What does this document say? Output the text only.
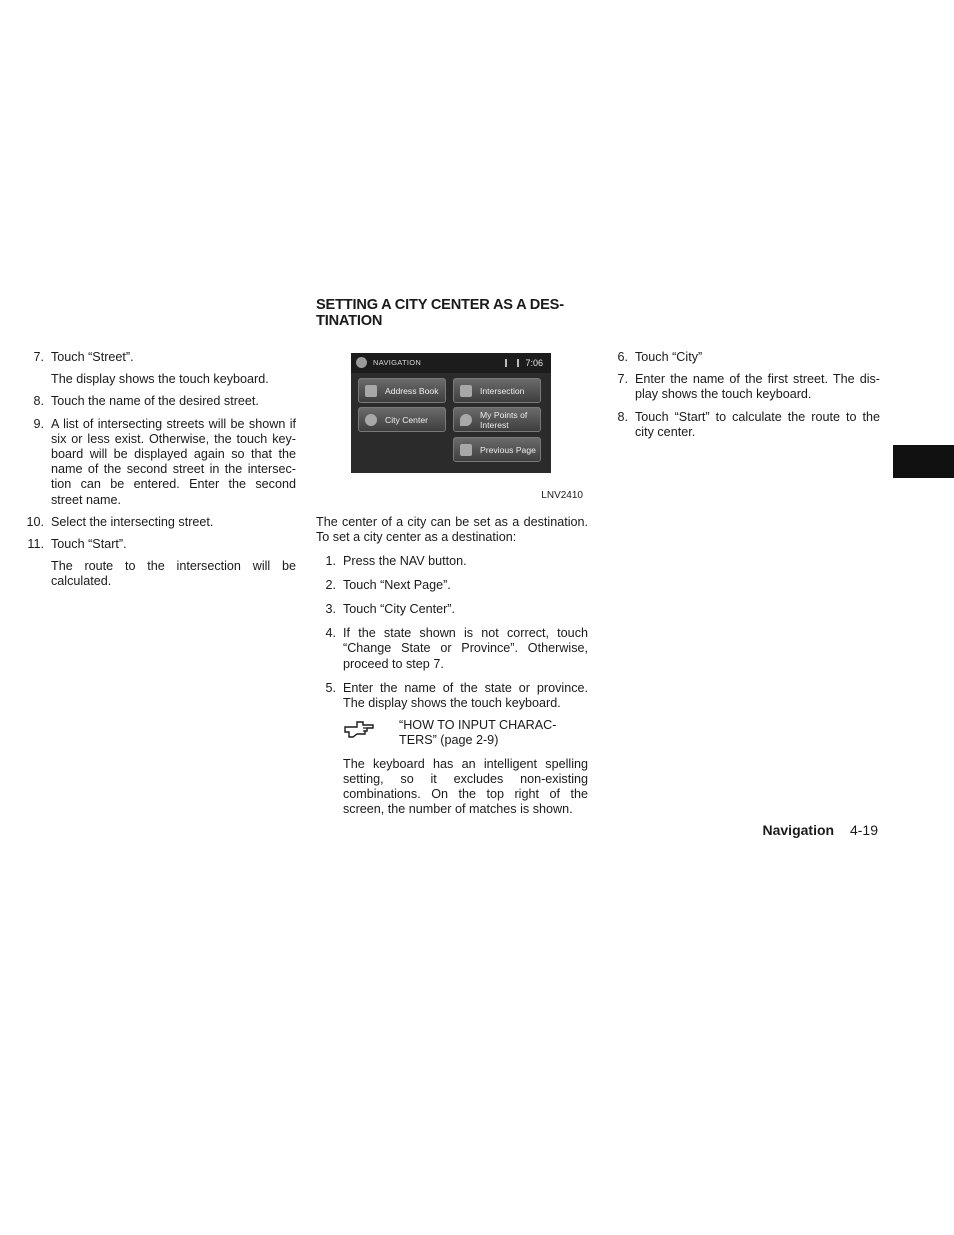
7. Touch “Street”.
The display shows the touch keyboard.
8. Touch the name of the desired street.
9. A list of intersecting streets will be shown if six or less exist. Otherwise, the touch key-board will be displayed again so that the name of the second street in the intersec-tion can be entered. Enter the second street name.
10. Select the intersecting street.
11. Touch “Start”.
The route to the intersection will be calculated.
SETTING A CITY CENTER AS A DES-TINATION
NAVIGATION	7:06
Address Book	Intersection
City Center	My Points of Interest
Previous Page
LNV2410
The center of a city can be set as a destination. To set a city center as a destination:
1. Press the NAV button.
2. Touch “Next Page”.
3. Touch “City Center”.
4. If the state shown is not correct, touch “Change State or Province”. Otherwise, proceed to step 7.
5. Enter the name of the state or province. The display shows the touch keyboard.
“HOW TO INPUT CHARAC-TERS” (page 2-9)
The keyboard has an intelligent spelling setting, so it excludes non-existing combinations. On the top right of the screen, the number of matches is shown.
6. Touch “City”
7. Enter the name of the first street. The dis-play shows the touch keyboard.
8. Touch “Start” to calculate the route to the city center.
Navigation 4-19
